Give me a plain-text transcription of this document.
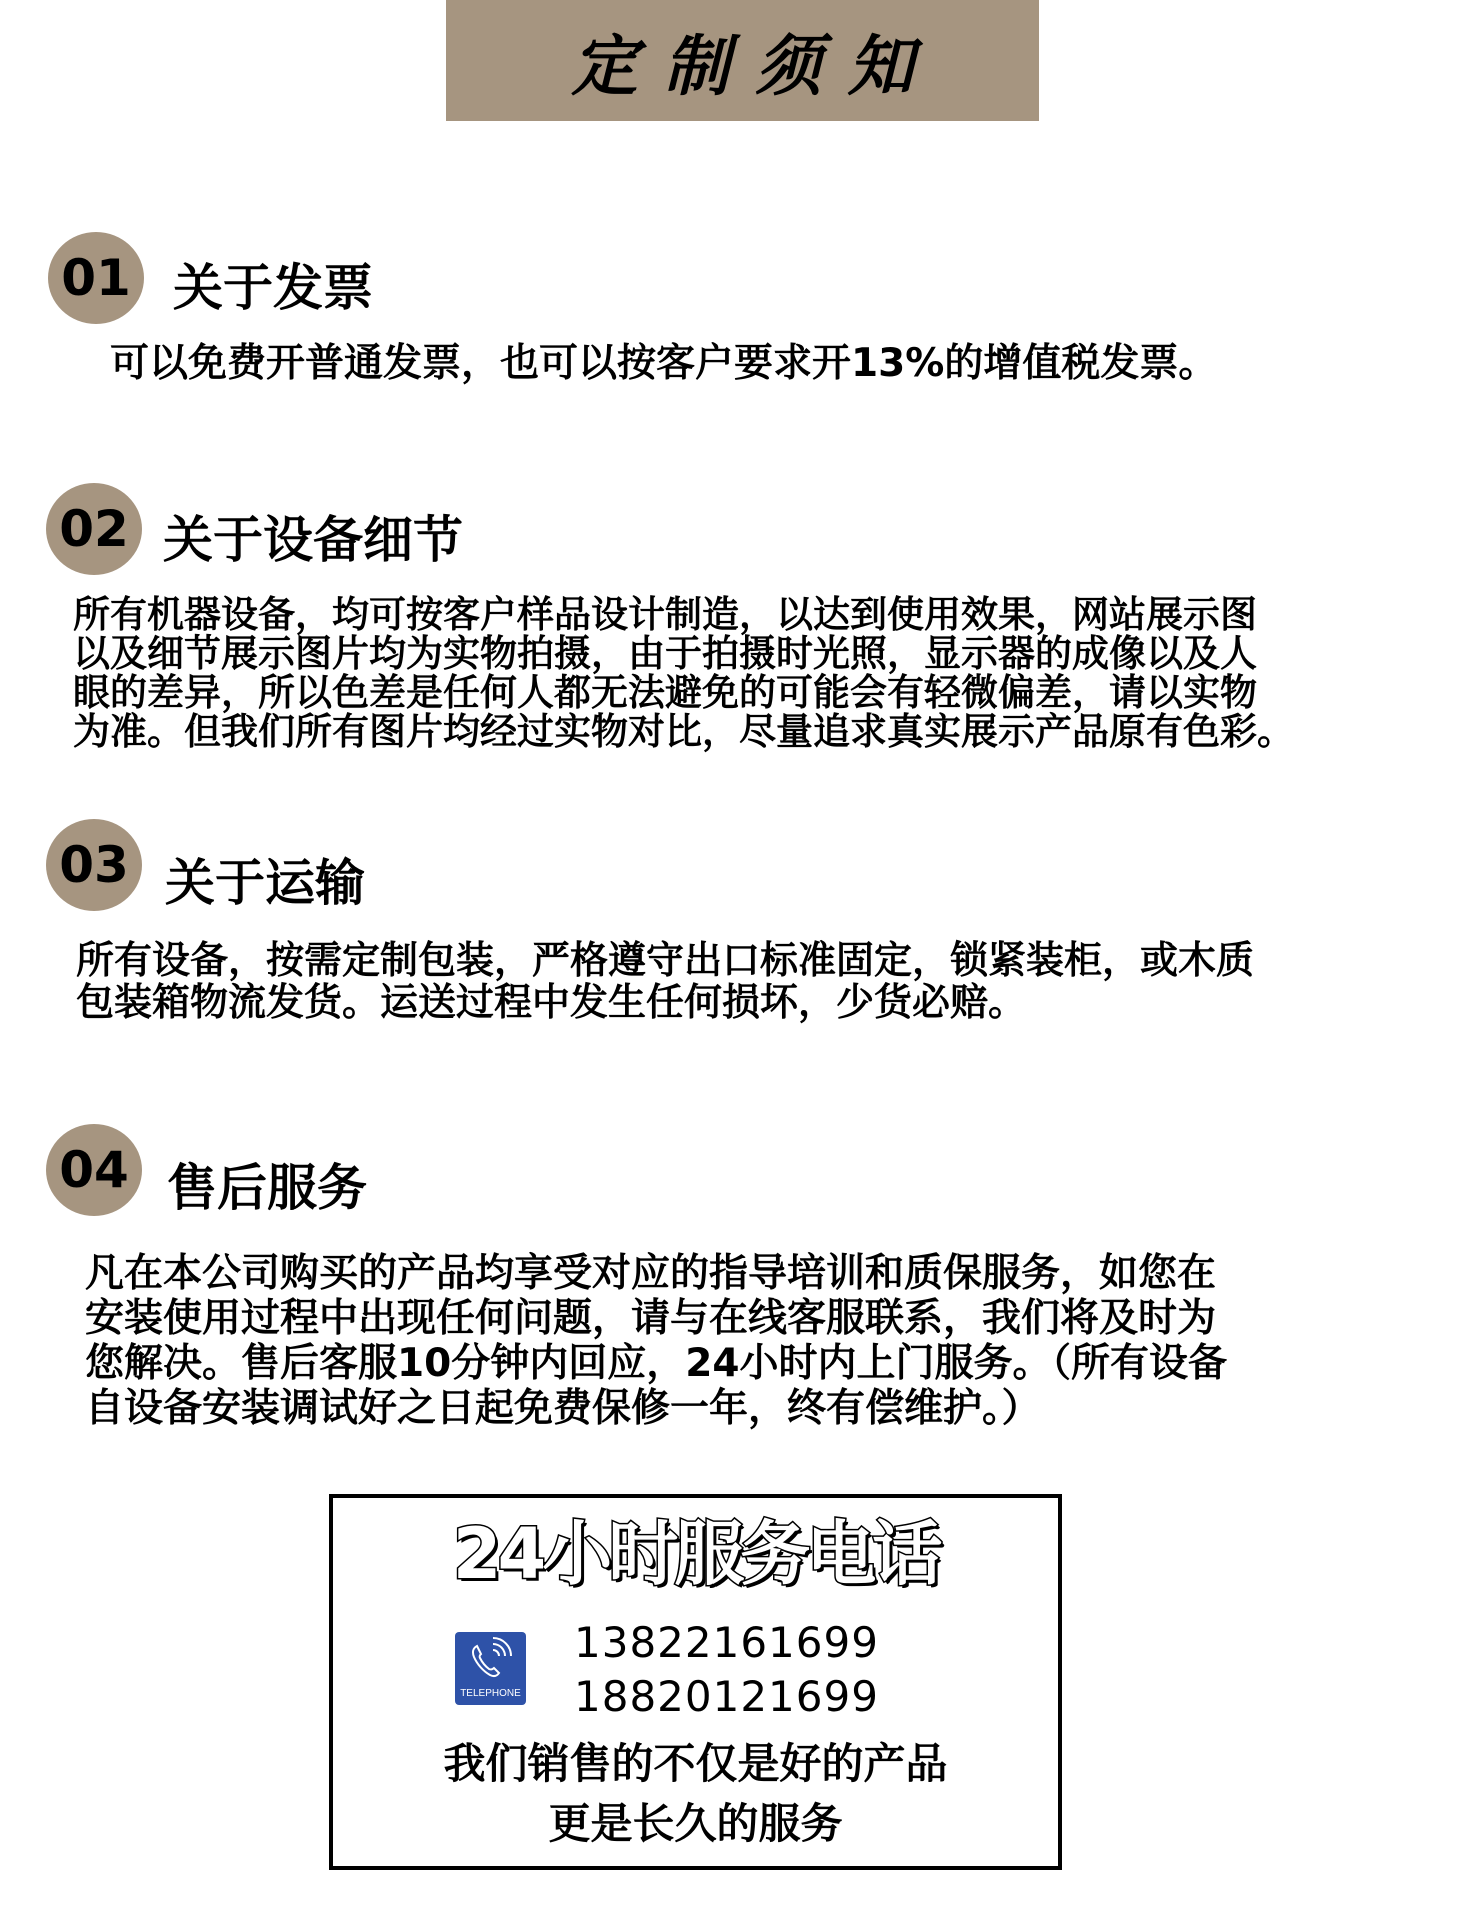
定制须知
01 关于发票
可以免费开普通发票，也可以按客户要求开13%的增值税发票。
02 关于设备细节
所有机器设备，均可按客户样品设计制造，以达到使用效果，网站展示图
以及细节展示图片均为实物拍摄，由于拍摄时光照，显示器的成像以及人
眼的差异，所以色差是任何人都无法避免的可能会有轻微偏差，请以实物
为准。但我们所有图片均经过实物对比，尽量追求真实展示产品原有色彩。
03 关于运输
所有设备，按需定制包装，严格遵守出口标准固定，锁紧装柜，或木质
包装箱物流发货。运送过程中发生任何损坏，少货必赔。
04 售后服务
凡在本公司购买的产品均享受对应的指导培训和质保服务，如您在
安装使用过程中出现任何问题，请与在线客服联系，我们将及时为
您解决。售后客服10分钟内回应，24小时内上门服务。（所有设备
自设备安装调试好之日起免费保修一年，终有偿维护。）
24小时服务电话
TELEPHONE
13822161699
18820121699
我们销售的不仅是好的产品
更是长久的服务
